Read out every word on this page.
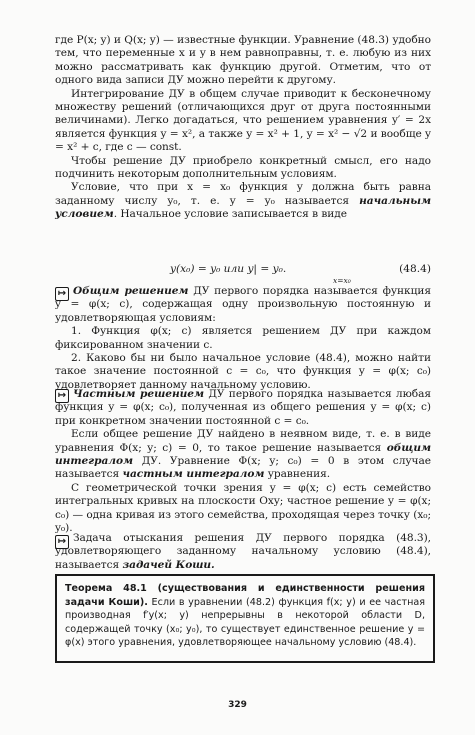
где P(x; y) и Q(x; y) — известные функции. Уравнение (48.3) удобно тем, что переменные x и y в нем равноправны, т. е. любую из них можно рассматривать как функцию другой. Отметим, что от одного вида записи ДУ можно перейти к другому.

Интегрирование ДУ в общем случае приводит к бесконечному множеству решений (отличающихся друг от друга постоянными величинами). Легко догадаться, что решением уравнения y′ = 2x является функция y = x², а также y = x² + 1, y = x² − √2 и вообще y = x² + c, где c — const.

Чтобы решение ДУ приобрело конкретный смысл, его надо подчинить некоторым дополнительным условиям.

Условие, что при x = x₀ функция y должна быть равна заданному числу y₀, т. е. y = y₀ называется начальным условием. Начальное условие записывается в виде

y(x₀) = y₀ или y| = y₀.
x=x₀
(48.4)
↦ Общим решением ДУ первого порядка называется функция y = φ(x; c), содержащая одну произвольную постоянную и удовлетворяющая условиям:

1. Функция φ(x; c) является решением ДУ при каждом фиксированном значении c.

2. Каково бы ни было начальное условие (48.4), можно найти такое значение постоянной c = c₀, что функция y = φ(x; c₀) удовлетворяет данному начальному условию.

↦ Частным решением ДУ первого порядка называется любая функция y = φ(x; c₀), полученная из общего решения y = φ(x; c) при конкретном значении постоянной c = c₀.

Если общее решение ДУ найдено в неявном виде, т. е. в виде уравнения Φ(x; y; c) = 0, то такое решение называется общим интегралом ДУ. Уравнение Φ(x; y; c₀) = 0 в этом случае называется частным интегралом уравнения.

С геометрической точки зрения y = φ(x; c) есть семейство интегральных кривых на плоскости Oxy; частное решение y = φ(x; c₀) — одна кривая из этого семейства, проходящая через точку (x₀; y₀).

↦ Задача отыскания решения ДУ первого порядка (48.3), удовлетворяющего заданному начальному условию (48.4), называется задачей Коши.

Теорема 48.1 (существования и единственности решения задачи Коши). Если в уравнении (48.2) функция f(x; y) и ее частная производная f′y(x; y) непрерывны в некоторой области D, содержащей точку (x₀; y₀), то существует единственное решение y = φ(x) этого уравнения, удовлетворяющее начальному условию (48.4).
329
